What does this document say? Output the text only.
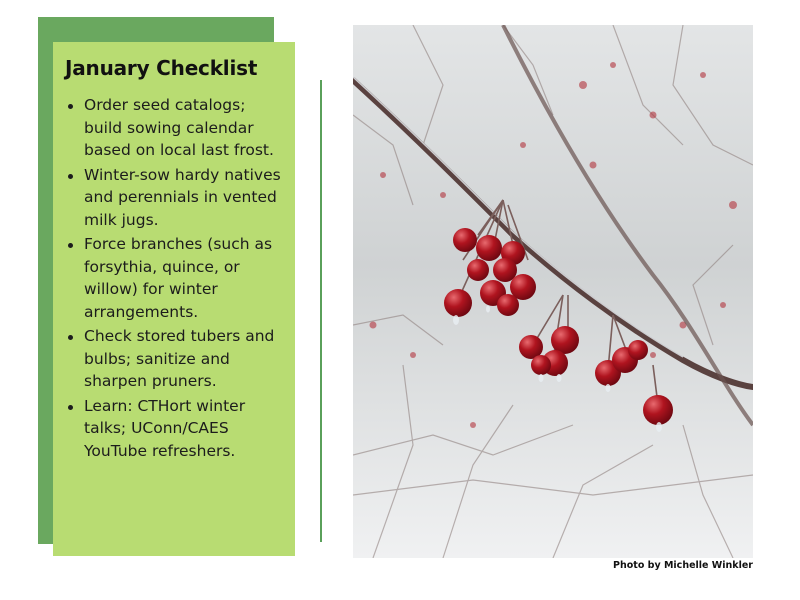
January Checklist
Order seed catalogs; build sowing calendar based on local last frost.
Winter-sow hardy natives and perennials in vented milk jugs.
Force branches (such as forsythia, quince, or willow) for winter arrangements.
Check stored tubers and bulbs; sanitize and sharpen pruners.
Learn: CTHort winter talks; UConn/CAES YouTube refreshers.
Photo by Michelle Winkler
